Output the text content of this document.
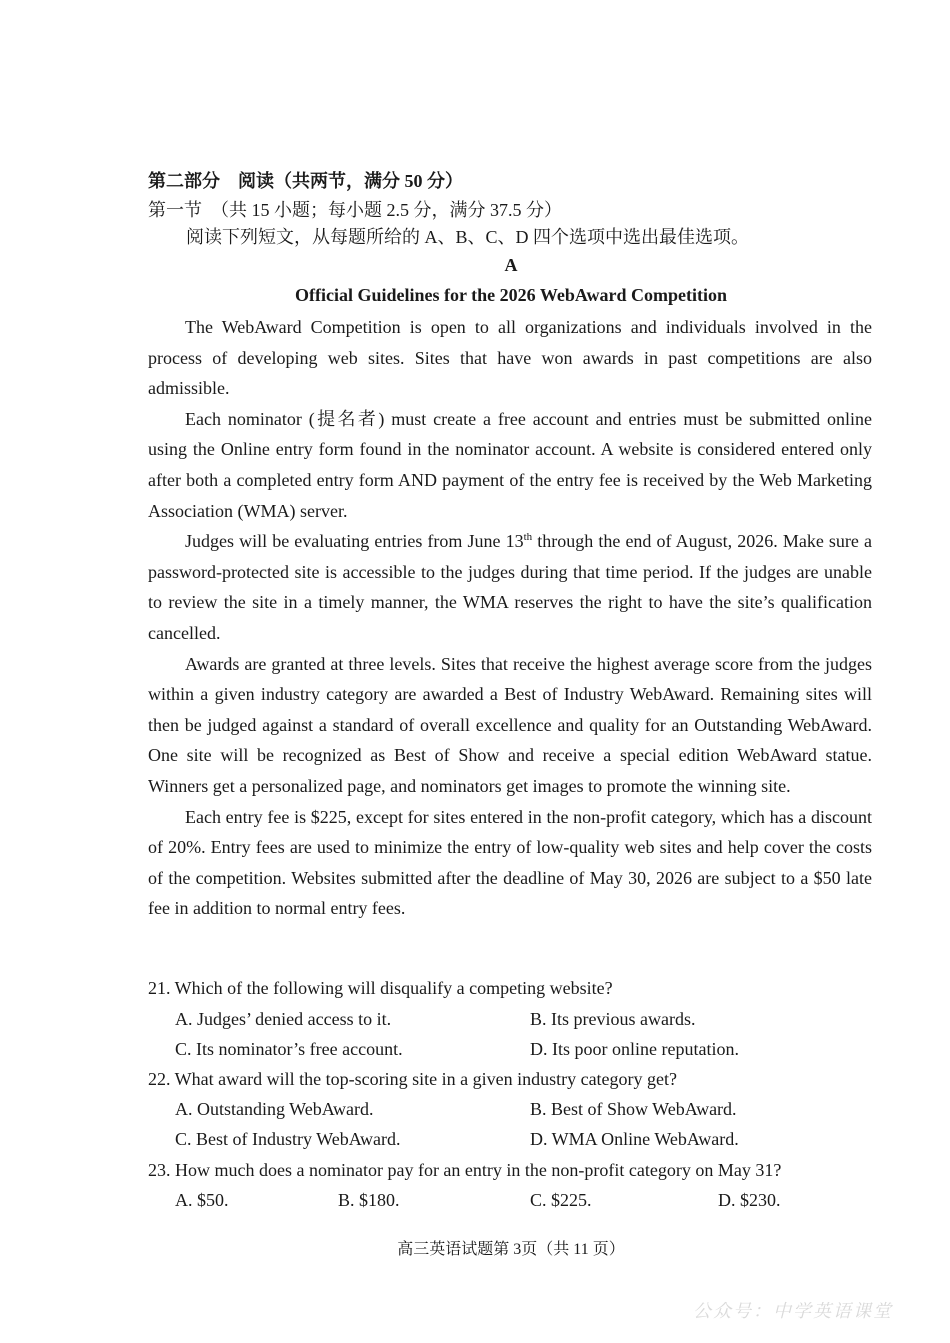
第二部分　阅读（共两节，满分 50 分）
第一节　（共 15 小题；每小题 2.5 分，满分 37.5 分）
阅读下列短文，从每题所给的 A、B、C、D 四个选项中选出最佳选项。
A
Official Guidelines for the 2026 WebAward Competition

The WebAward Competition is open to all organizations and individuals involved in the process of developing web sites. Sites that have won awards in past competitions are also admissible.

Each nominator (提名者) must create a free account and entries must be submitted online using the Online entry form found in the nominator account. A website is considered entered only after both a completed entry form AND payment of the entry fee is received by the Web Marketing Association (WMA) server.

Judges will be evaluating entries from June 13th through the end of August, 2026. Make sure a password-protected site is accessible to the judges during that time period. If the judges are unable to review the site in a timely manner, the WMA reserves the right to have the site’s qualification cancelled.

Awards are granted at three levels. Sites that receive the highest average score from the judges within a given industry category are awarded a Best of Industry WebAward. Remaining sites will then be judged against a standard of overall excellence and quality for an Outstanding WebAward. One site will be recognized as Best of Show and receive a special edition WebAward statue. Winners get a personalized page, and nominators get images to promote the winning site.

Each entry fee is $225, except for sites entered in the non-profit category, which has a discount of 20%. Entry fees are used to minimize the entry of low-quality web sites and help cover the costs of the competition. Websites submitted after the deadline of May 30, 2026 are subject to a $50 late fee in addition to normal entry fees.

21. Which of the following will disqualify a competing website?
A. Judges’ denied access to it.	B. Its previous awards.
C. Its nominator’s free account.	D. Its poor online reputation.
22. What award will the top-scoring site in a given industry category get?
A. Outstanding WebAward.	B. Best of Show WebAward.
C. Best of Industry WebAward.	D. WMA Online WebAward.
23. How much does a nominator pay for an entry in the non-profit category on May 31?
A. $50.	B. $180.	C. $225.	D. $230.
高三英语试题第 3页（共 11 页）
公众号：中学英语课堂
